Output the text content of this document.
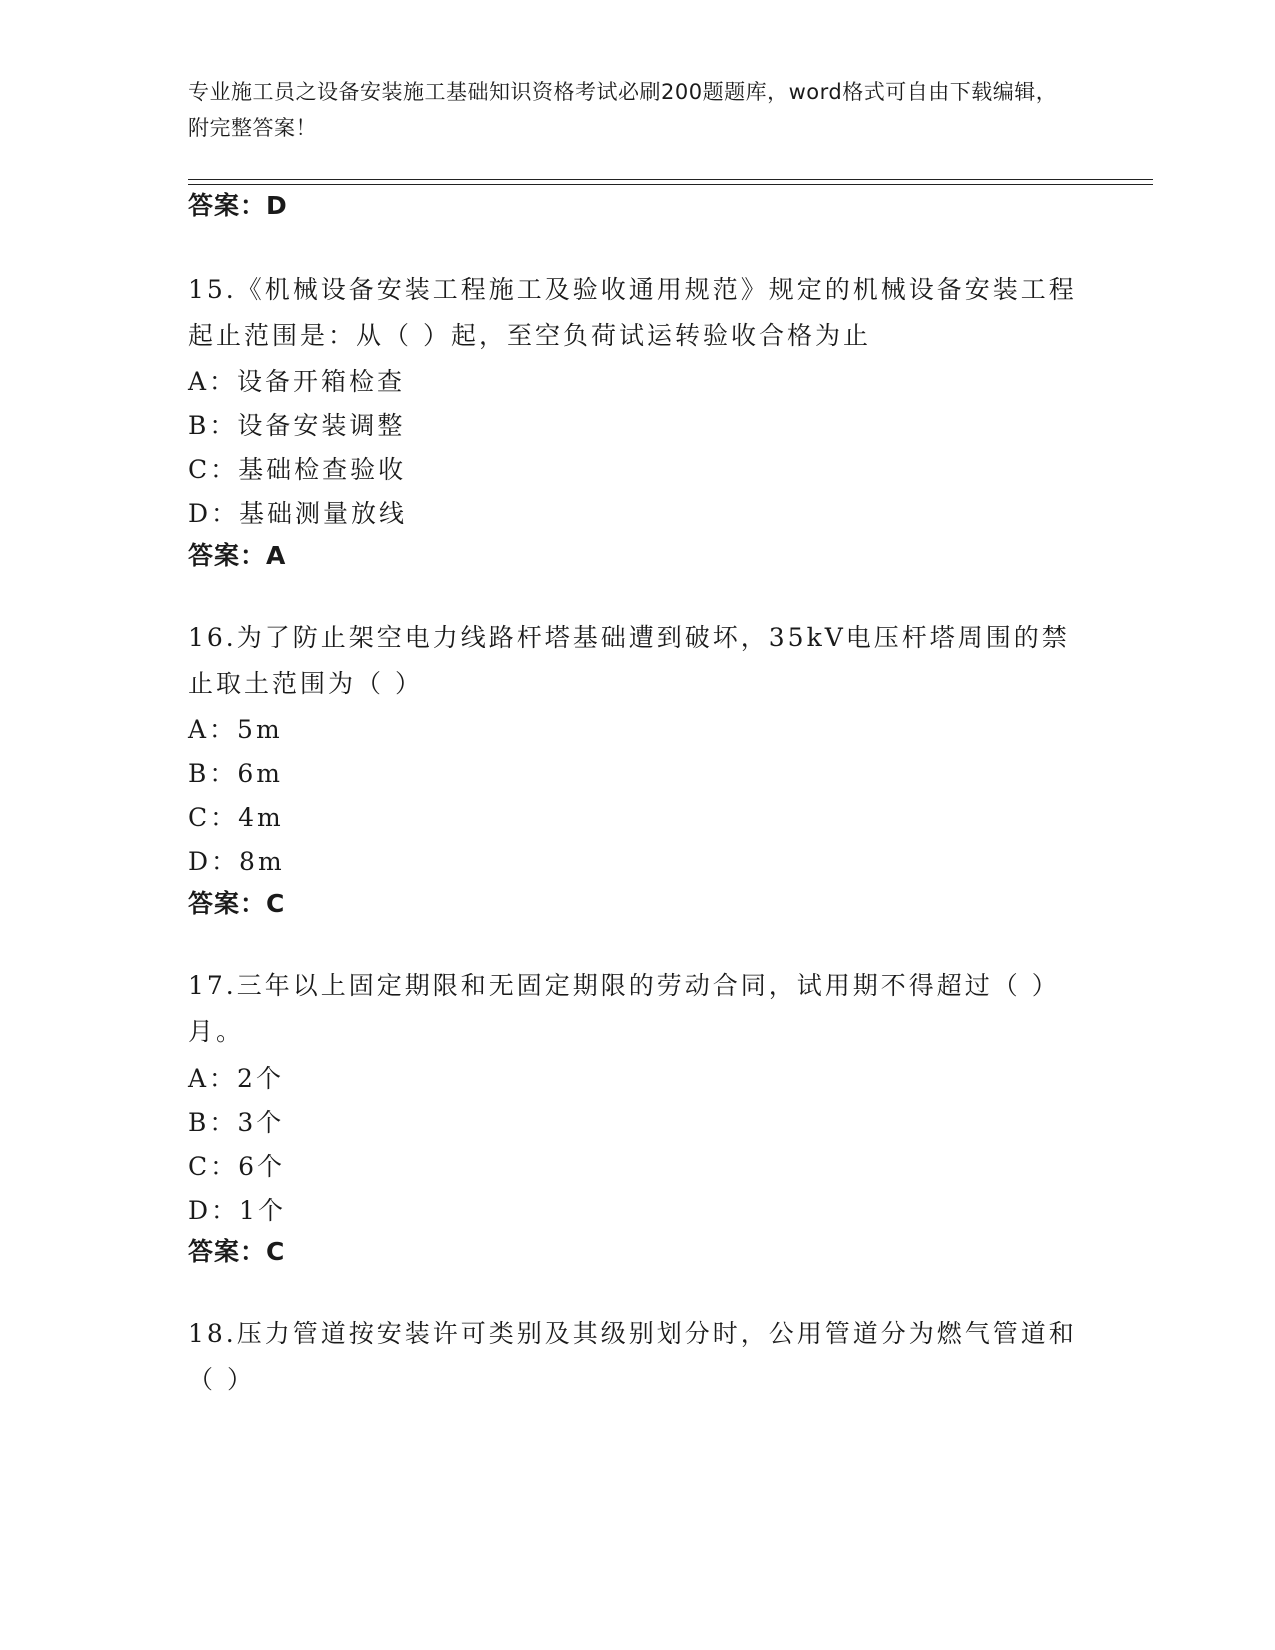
专业施工员之设备安装施工基础知识资格考试必刷200题题库，word格式可自由下载编辑，附完整答案！
答案：D
15.《机械设备安装工程施工及验收通用规范》规定的机械设备安装工程起止范围是：从（ ）起，至空负荷试运转验收合格为止
A：设备开箱检查
B：设备安装调整
C：基础检查验收
D：基础测量放线
答案：A
16.为了防止架空电力线路杆塔基础遭到破坏，35kV电压杆塔周围的禁止取土范围为（ ）
A：5m
B：6m
C：4m
D：8m
答案：C
17.三年以上固定期限和无固定期限的劳动合同，试用期不得超过（ ）月。
A：2个
B：3个
C：6个
D：1个
答案：C
18.压力管道按安装许可类别及其级别划分时，公用管道分为燃气管道和（ ）
